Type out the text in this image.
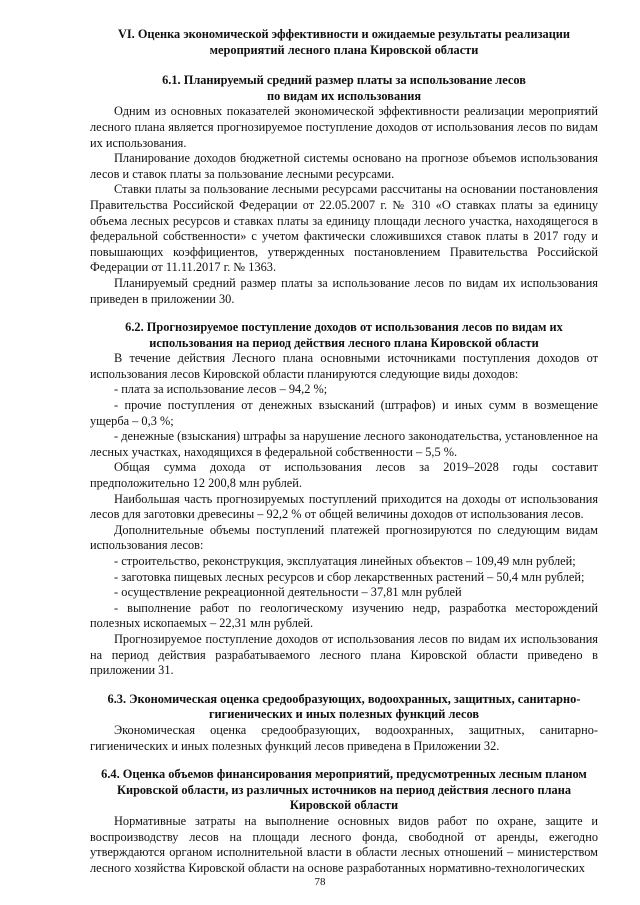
VI. Оценка экономической эффективности и ожидаемые результаты реализации
мероприятий лесного плана Кировской области
6.1. Планируемый средний размер платы за использование лесов
по видам их использования

Одним из основных показателей экономической эффективности реализации мероприятий лесного плана является прогнозируемое поступление доходов от использования лесов по видам их использования.

Планирование доходов бюджетной системы основано на прогнозе объемов использования лесов и ставок платы за пользование лесными ресурсами.

Ставки платы за пользование лесными ресурсами рассчитаны на основании постановления Правительства Российской Федерации от 22.05.2007 г. № 310 «О ставках платы за единицу объема лесных ресурсов и ставках платы за единицу площади лесного участка, находящегося в федеральной собственности» с учетом фактически сложившихся ставок платы в 2017 году и повышающих коэффициентов, утвержденных постановлением Правительства Российской Федерации от 11.11.2017 г. № 1363.

Планируемый средний размер платы за использование лесов по видам их использования приведен в приложении 30.

6.2. Прогнозируемое поступление доходов от использования лесов по видам их
использования на период действия лесного плана Кировской области

В течение действия Лесного плана основными источниками поступления доходов от использования лесов Кировской области планируются следующие виды доходов:

- плата за использование лесов – 94,2 %;

- прочие поступления от денежных взысканий (штрафов) и иных сумм в возмещение ущерба – 0,3 %;

- денежные (взыскания) штрафы за нарушение лесного законодательства, установленное на лесных участках, находящихся в федеральной собственности – 5,5 %.

Общая сумма дохода от использования лесов за 2019–2028 годы составит предположительно 12 200,8 млн рублей.

Наибольшая часть прогнозируемых поступлений приходится на доходы от использования лесов для заготовки древесины – 92,2 % от общей величины доходов от использования лесов.

Дополнительные объемы поступлений платежей прогнозируются по следующим видам использования лесов:

- строительство, реконструкция, эксплуатация линейных объектов – 109,49 млн рублей;

- заготовка пищевых лесных ресурсов и сбор лекарственных растений – 50,4 млн рублей;

- осуществление рекреационной деятельности – 37,81 млн рублей

- выполнение работ по геологическому изучению недр, разработка месторождений полезных ископаемых – 22,31 млн рублей.

Прогнозируемое поступление доходов от использования лесов по видам их использования на период действия разрабатываемого лесного плана Кировской области приведено в приложении 31.

6.3. Экономическая оценка средообразующих, водоохранных, защитных, санитарно-
гигиенических и иных полезных функций лесов

Экономическая оценка средообразующих, водоохранных, защитных, санитарно-гигиенических и иных полезных функций лесов приведена в Приложении 32.

6.4. Оценка объемов финансирования мероприятий, предусмотренных лесным планом
Кировской области, из различных источников на период действия лесного плана
Кировской области

Нормативные затраты на выполнение основных видов работ по охране, защите и воспроизводству лесов на площади лесного фонда, свободной от аренды, ежегодно утверждаются органом исполнительной власти в области лесных отношений – министерством лесного хозяйства Кировской области на основе разработанных нормативно-технологических

78
